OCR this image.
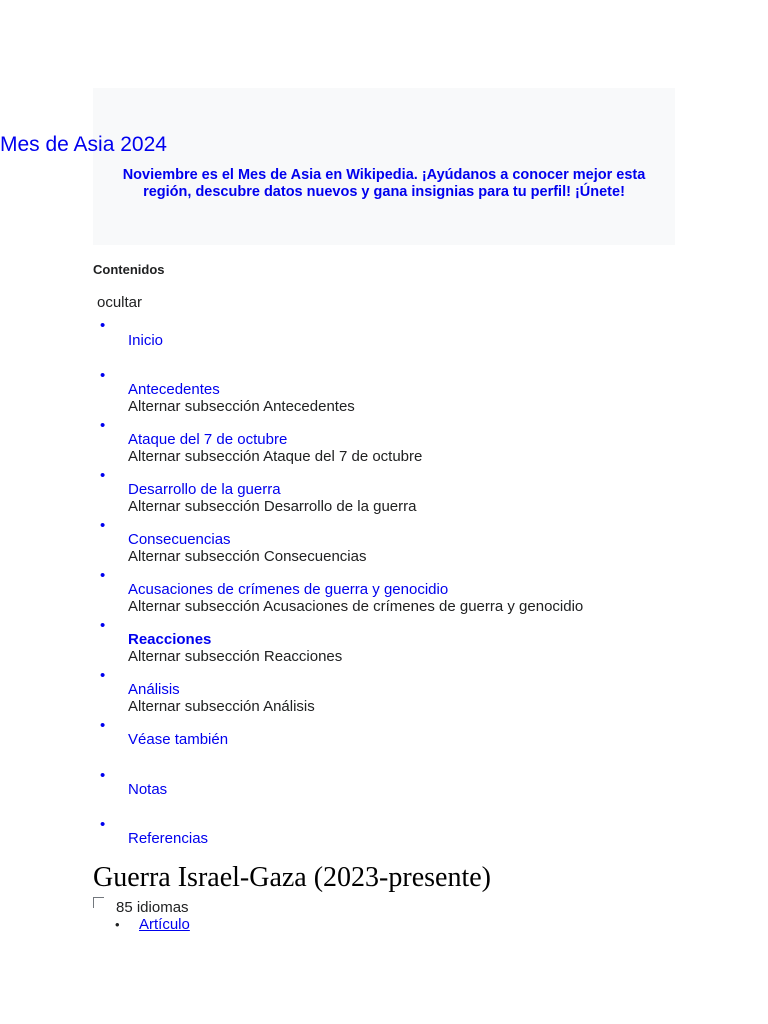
Mes de Asia 2024
Noviembre es el Mes de Asia en Wikipedia. ¡Ayúdanos a conocer mejor esta región, descubre datos nuevos y gana insignias para tu perfil! ¡Únete!
Contenidos
ocultar
•
Inicio
•
Antecedentes
Alternar subsección Antecedentes
•
Ataque del 7 de octubre
Alternar subsección Ataque del 7 de octubre
•
Desarrollo de la guerra
Alternar subsección Desarrollo de la guerra
•
Consecuencias
Alternar subsección Consecuencias
•
Acusaciones de crímenes de guerra y genocidio
Alternar subsección Acusaciones de crímenes de guerra y genocidio
•
Reacciones
Alternar subsección Reacciones
•
Análisis
Alternar subsección Análisis
•
Véase también
•
Notas
•
Referencias
Guerra Israel-Gaza (2023-presente)
85 idiomas
• Artículo
